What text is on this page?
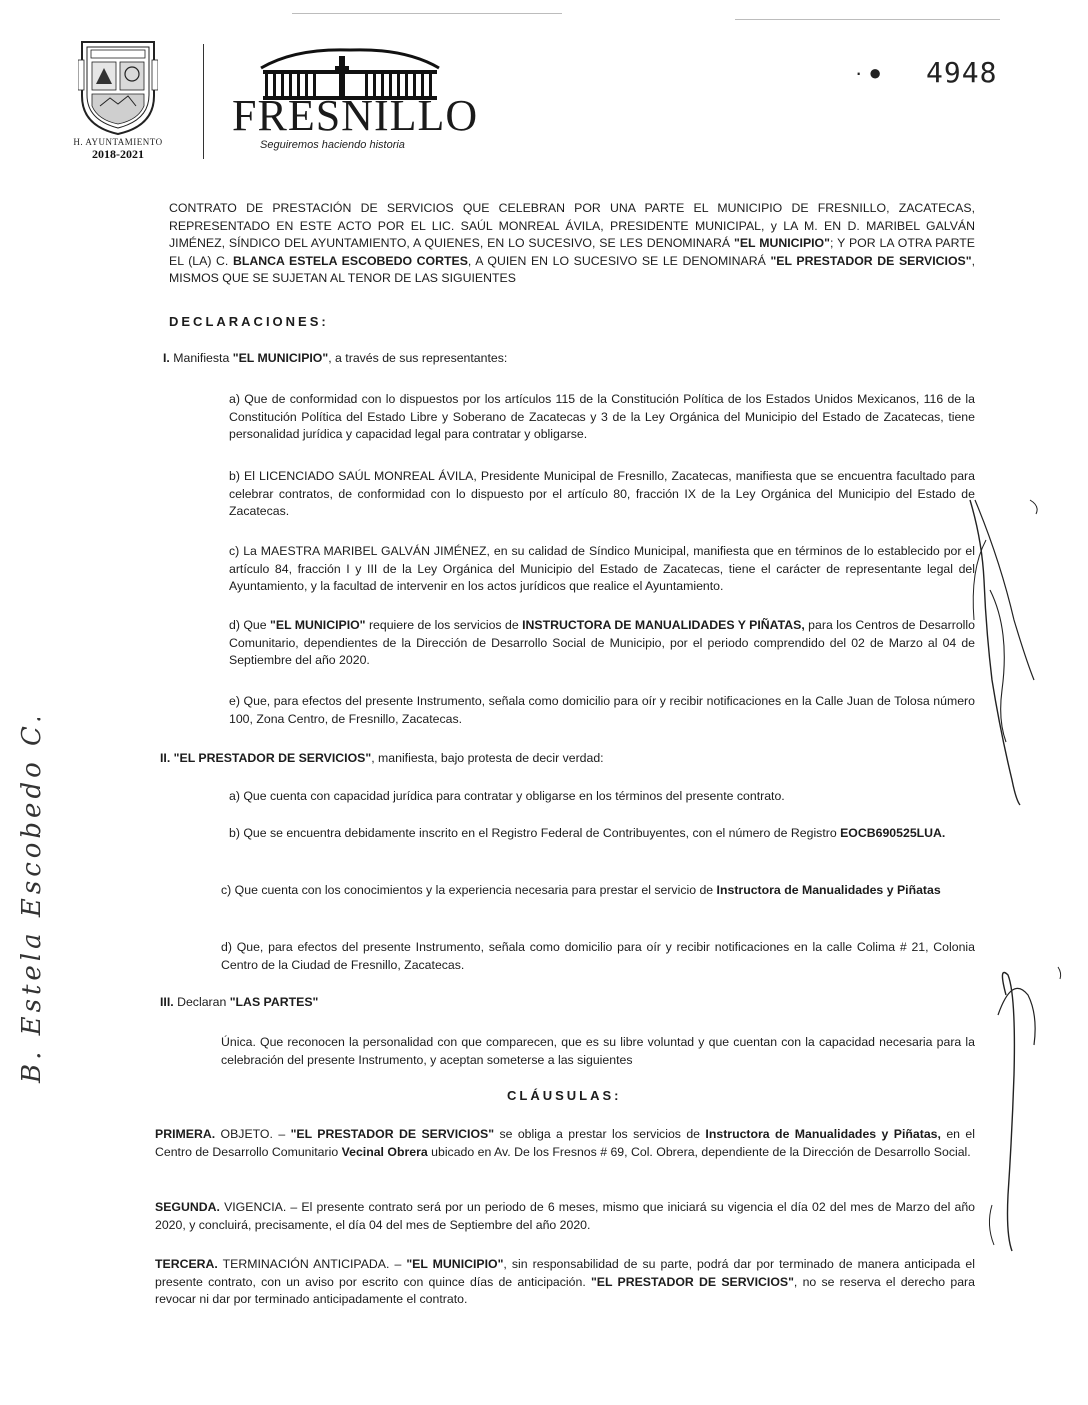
H. AYUNTAMIENTO
2018-2021
FRESNILLO
Seguiremos haciendo historia
· ● 4948
CONTRATO DE PRESTACIÓN DE SERVICIOS QUE CELEBRAN POR UNA PARTE EL MUNICIPIO DE FRESNILLO, ZACATECAS, REPRESENTADO EN ESTE ACTO POR EL LIC. SAÚL MONREAL ÁVILA, PRESIDENTE MUNICIPAL, y LA M. EN D. MARIBEL GALVÁN JIMÉNEZ, SÍNDICO DEL AYUNTAMIENTO, A QUIENES, EN LO SUCESIVO, SE LES DENOMINARÁ "EL MUNICIPIO"; Y POR LA OTRA PARTE EL (LA) C. BLANCA ESTELA ESCOBEDO CORTES, A QUIEN EN LO SUCESIVO SE LE DENOMINARÁ "EL PRESTADOR DE SERVICIOS", MISMOS QUE SE SUJETAN AL TENOR DE LAS SIGUIENTES
DECLARACIONES:
I. Manifiesta "EL MUNICIPIO", a través de sus representantes:
a) Que de conformidad con lo dispuestos por los artículos 115 de la Constitución Política de los Estados Unidos Mexicanos, 116 de la Constitución Política del Estado Libre y Soberano de Zacatecas y 3 de la Ley Orgánica del Municipio del Estado de Zacatecas, tiene personalidad jurídica y capacidad legal para contratar y obligarse.
b) El LICENCIADO SAÚL MONREAL ÁVILA, Presidente Municipal de Fresnillo, Zacatecas, manifiesta que se encuentra facultado para celebrar contratos, de conformidad con lo dispuesto por el artículo 80, fracción IX de la Ley Orgánica del Municipio del Estado de Zacatecas.
c) La MAESTRA MARIBEL GALVÁN JIMÉNEZ, en su calidad de Síndico Municipal, manifiesta que en términos de lo establecido por el artículo 84, fracción I y III de la Ley Orgánica del Municipio del Estado de Zacatecas, tiene el carácter de representante legal del Ayuntamiento, y la facultad de intervenir en los actos jurídicos que realice el Ayuntamiento.
d) Que "EL MUNICIPIO" requiere de los servicios de INSTRUCTORA DE MANUALIDADES Y PIÑATAS, para los Centros de Desarrollo Comunitario, dependientes de la Dirección de Desarrollo Social de Municipio, por el periodo comprendido del 02 de Marzo al 04 de Septiembre del año 2020.
e) Que, para efectos del presente Instrumento, señala como domicilio para oír y recibir notificaciones en la Calle Juan de Tolosa número 100, Zona Centro, de Fresnillo, Zacatecas.
II. "EL PRESTADOR DE SERVICIOS", manifiesta, bajo protesta de decir verdad:
a) Que cuenta con capacidad jurídica para contratar y obligarse en los términos del presente contrato.
b) Que se encuentra debidamente inscrito en el Registro Federal de Contribuyentes, con el número de Registro EOCB690525LUA.
c) Que cuenta con los conocimientos y la experiencia necesaria para prestar el servicio de Instructora de Manualidades y Piñatas
d) Que, para efectos del presente Instrumento, señala como domicilio para oír y recibir notificaciones en la calle Colima # 21, Colonia Centro de la Ciudad de Fresnillo, Zacatecas.
III. Declaran "LAS PARTES"
Única. Que reconocen la personalidad con que comparecen, que es su libre voluntad y que cuentan con la capacidad necesaria para la celebración del presente Instrumento, y aceptan someterse a las siguientes
CLÁUSULAS:
PRIMERA. OBJETO. – "EL PRESTADOR DE SERVICIOS" se obliga a prestar los servicios de Instructora de Manualidades y Piñatas, en el Centro de Desarrollo Comunitario Vecinal Obrera ubicado en Av. De los Fresnos # 69, Col. Obrera, dependiente de la Dirección de Desarrollo Social.
SEGUNDA. VIGENCIA. – El presente contrato será por un periodo de 6 meses, mismo que iniciará su vigencia el día 02 del mes de Marzo del año 2020, y concluirá, precisamente, el día 04 del mes de Septiembre del año 2020.
TERCERA. TERMINACIÓN ANTICIPADA. – "EL MUNICIPIO", sin responsabilidad de su parte, podrá dar por terminado de manera anticipada el presente contrato, con un aviso por escrito con quince días de anticipación. "EL PRESTADOR DE SERVICIOS", no se reserva el derecho para revocar ni dar por terminado anticipadamente el contrato.
B. Estela Escobedo C.
